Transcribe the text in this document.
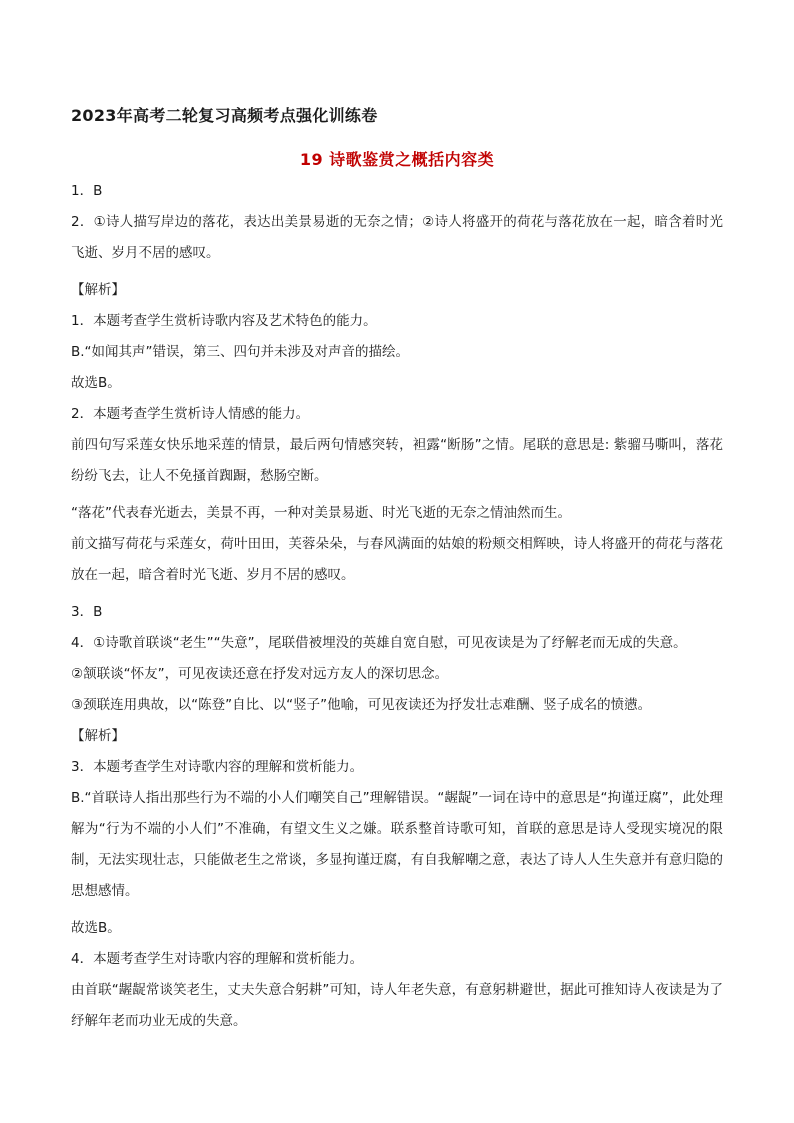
2023年高考二轮复习高频考点强化训练卷
19 诗歌鉴赏之概括内容类

1．B

2．①诗人描写岸边的落花，表达出美景易逝的无奈之情；②诗人将盛开的荷花与落花放在一起，暗含着时光飞逝、岁月不居的感叹。

【解析】

1．本题考查学生赏析诗歌内容及艺术特色的能力。

B.“如闻其声”错误，第三、四句并未涉及对声音的描绘。

故选B。

2．本题考查学生赏析诗人情感的能力。

前四句写采莲女快乐地采莲的情景，最后两句情感突转，袒露“断肠”之情。尾联的意思是: 紫骝马嘶叫，落花纷纷飞去，让人不免搔首踟蹰，愁肠空断。

“落花”代表春光逝去，美景不再，一种对美景易逝、时光飞逝的无奈之情油然而生。

前文描写荷花与采莲女，荷叶田田，芙蓉朵朵，与春风满面的姑娘的粉颊交相辉映，诗人将盛开的荷花与落花放在一起，暗含着时光飞逝、岁月不居的感叹。

3．B

4．①诗歌首联谈“老生”“失意”，尾联借被埋没的英雄自宽自慰，可见夜读是为了纾解老而无成的失意。

②颔联谈“怀友”，可见夜读还意在抒发对远方友人的深切思念。

③颈联连用典故，以“陈登”自比、以“竖子”他喻，可见夜读还为抒发壮志难酬、竖子成名的愤懑。

【解析】

3．本题考查学生对诗歌内容的理解和赏析能力。

B.“首联诗人指出那些行为不端的小人们嘲笑自己”理解错误。“龌龊”一词在诗中的意思是“拘谨迂腐”，此处理解为“行为不端的小人们”不准确，有望文生义之嫌。联系整首诗歌可知，首联的意思是诗人受现实境况的限制，无法实现壮志，只能做老生之常谈，多显拘谨迂腐，有自我解嘲之意，表达了诗人人生失意并有意归隐的思想感情。

故选B。

4．本题考查学生对诗歌内容的理解和赏析能力。

由首联“龌龊常谈笑老生，丈夫失意合躬耕”可知，诗人年老失意，有意躬耕避世，据此可推知诗人夜读是为了纾解年老而功业无成的失意。
